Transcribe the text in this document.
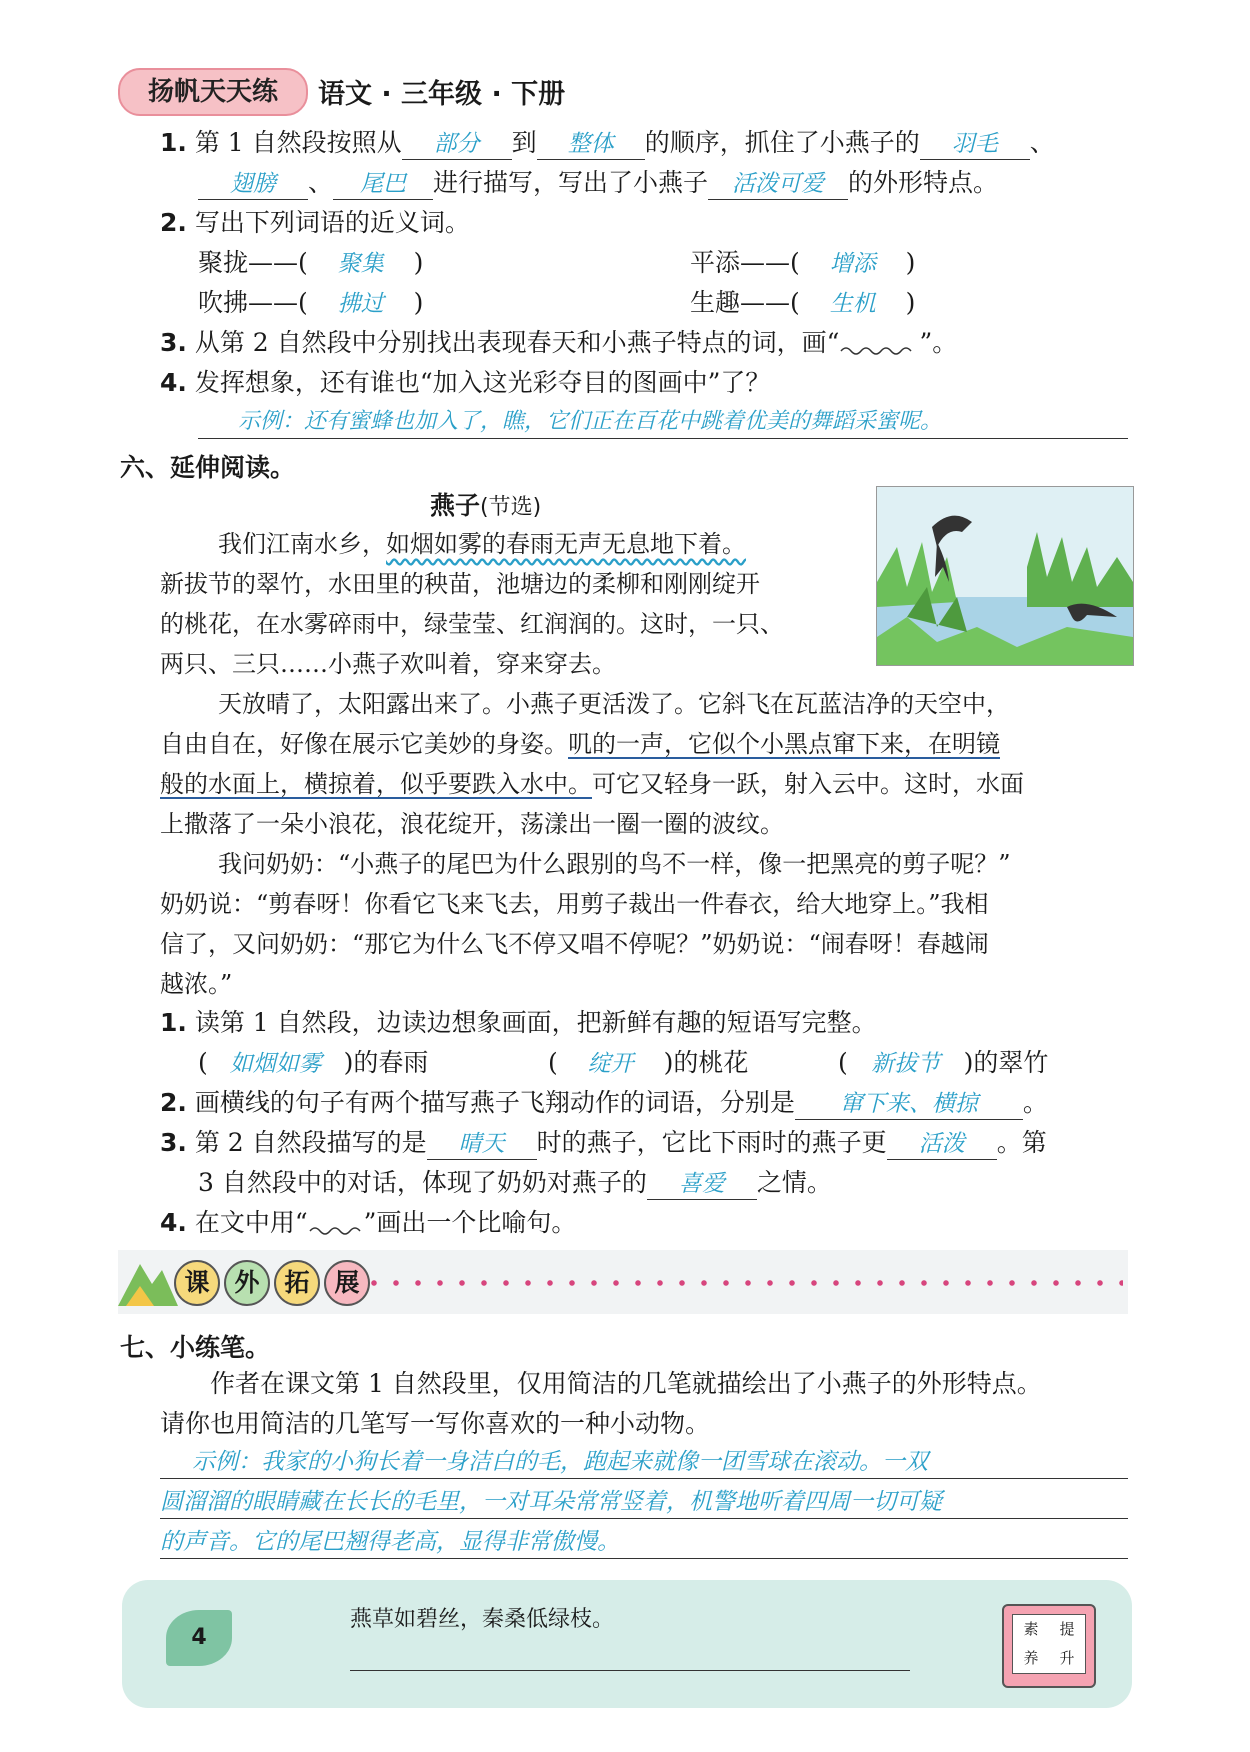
扬帆天天练	语文 · 三年级 · 下册
1. 第 1 自然段按照从 部分 到 整体 的顺序，抓住了小燕子的 羽毛 、
翅膀 、 尾巴 进行描写，写出了小燕子 活泼可爱 的外形特点。
2. 写出下列词语的近义词。
聚拢——( 聚集 )	平添——( 增添 )
吹拂——( 拂过 )	生趣——( 生机 )
3. 从第 2 自然段中分别找出表现春天和小燕子特点的词，画“	”。
4. 发挥想象，还有谁也“加入这光彩夺目的图画中”了？
示例：还有蜜蜂也加入了，瞧，它们正在百花中跳着优美的舞蹈采蜜呢。
六、延伸阅读。
燕子(节选)
我们江南水乡，如烟如雾的春雨无声无息地下着。
新拔节的翠竹，水田里的秧苗，池塘边的柔柳和刚刚绽开
的桃花，在水雾碎雨中，绿莹莹、红润润的。这时，一只、
两只、三只……小燕子欢叫着，穿来穿去。
天放晴了，太阳露出来了。小燕子更活泼了。它斜飞在瓦蓝洁净的天空中，
自由自在，好像在展示它美妙的身姿。叽的一声，它似个小黑点窜下来，在明镜
般的水面上，横掠着，似乎要跌入水中。可它又轻身一跃，射入云中。这时，水面
上撒落了一朵小浪花，浪花绽开，荡漾出一圈一圈的波纹。
我问奶奶：“小燕子的尾巴为什么跟别的鸟不一样，像一把黑亮的剪子呢？”
奶奶说：“剪春呀！你看它飞来飞去，用剪子裁出一件春衣，给大地穿上。”我相
信了，又问奶奶：“那它为什么飞不停又唱不停呢？”奶奶说：“闹春呀！春越闹
越浓。”
1. 读第 1 自然段，边读边想象画面，把新鲜有趣的短语写完整。
( 如烟如雾 )的春雨	( 绽开 )的桃花	( 新拔节 )的翠竹
2. 画横线的句子有两个描写燕子飞翔动作的词语，分别是 窜下来、横掠 。
3. 第 2 自然段描写的是 晴天 时的燕子，它比下雨时的燕子更 活泼 。第
3 自然段中的对话，体现了奶奶对燕子的 喜爱 之情。
4. 在文中用“ ”画出一个比喻句。
课 外 拓 展
七、小练笔。
作者在课文第 1 自然段里，仅用简洁的几笔就描绘出了小燕子的外形特点。
请你也用简洁的几笔写一写你喜欢的一种小动物。
示例：我家的小狗长着一身洁白的毛，跑起来就像一团雪球在滚动。一双
圆溜溜的眼睛藏在长长的毛里，一对耳朵常常竖着，机警地听着四周一切可疑
的声音。它的尾巴翘得老高，显得非常傲慢。
4
燕草如碧丝，秦桑低绿枝。	素	提
养	升
